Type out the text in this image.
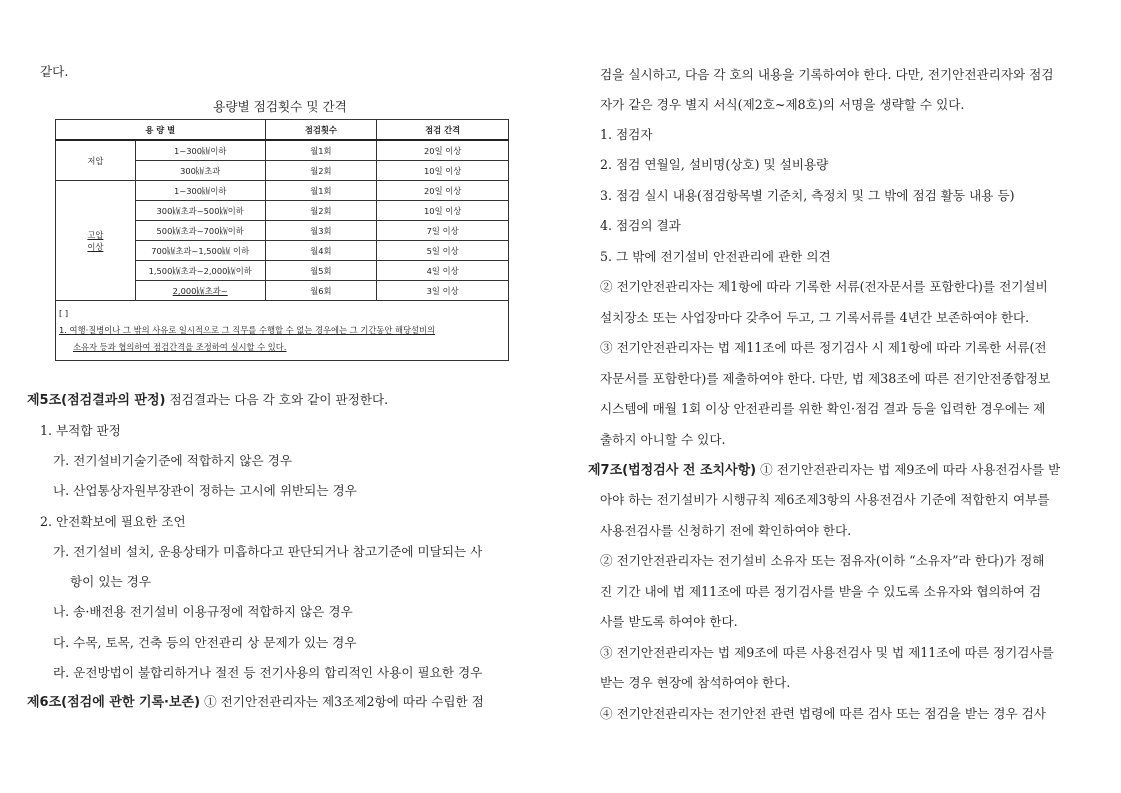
같다.
용량별 점검횟수 및 간격
용 량 별		점검횟수	점검 간격
저압	1~300㎾이하	월1회	20일 이상
	300㎾초과	월2회	10일 이상

고압
이상	1~300㎾이하	월1회	20일 이상
	300㎾초과~500㎾이하	월2회	10일 이상
	500㎾초과~700㎾이하	월3회	7일 이상
	700㎾초과~1,500㎾ 이하	월4회	5일 이상
	1,500㎾초과~2,000㎾이하	월5회	4일 이상
	2,000㎾초과~	월6회	3일 이상

[ ]
1. 여행·질병이나 그 밖의 사유로 일시적으로 그 직무를 수행할 수 없는 경우에는 그 기간동안 해당설비의
소유자 등과 협의하여 점검간격을 조정하여 실시할 수 있다.			
제5조(점검결과의 판정) 점검결과는 다음 각 호와 같이 판정한다.
1. 부적합 판정
가. 전기설비기술기준에 적합하지 않은 경우
나. 산업통상자원부장관이 정하는 고시에 위반되는 경우
2. 안전확보에 필요한 조언
가. 전기설비 설치, 운용상태가 미흡하다고 판단되거나 참고기준에 미달되는 사
항이 있는 경우
나. 송·배전용 전기설비 이용규정에 적합하지 않은 경우
다. 수목, 토목, 건축 등의 안전관리 상 문제가 있는 경우
라. 운전방법이 불합리하거나 절전 등 전기사용의 합리적인 사용이 필요한 경우
제6조(점검에 관한 기록·보존) ① 전기안전관리자는 제3조제2항에 따라 수립한 점
검을 실시하고, 다음 각 호의 내용을 기록하여야 한다. 다만, 전기안전관리자와 점검
자가 같은 경우 별지 서식(제2호~제8호)의 서명을 생략할 수 있다.
1. 점검자
2. 점검 연월일, 설비명(상호) 및 설비용량
3. 점검 실시 내용(점검항목별 기준치, 측정치 및 그 밖에 점검 활동 내용 등)
4. 점검의 결과
5. 그 밖에 전기설비 안전관리에 관한 의견
② 전기안전관리자는 제1항에 따라 기록한 서류(전자문서를 포함한다)를 전기설비
설치장소 또는 사업장마다 갖추어 두고, 그 기록서류를 4년간 보존하여야 한다.
③ 전기안전관리자는 법 제11조에 따른 정기검사 시 제1항에 따라 기록한 서류(전
자문서를 포함한다)를 제출하여야 한다. 다만, 법 제38조에 따른 전기안전종합정보
시스템에 매월 1회 이상 안전관리를 위한 확인·점검 결과 등을 입력한 경우에는 제
출하지 아니할 수 있다.
제7조(법정검사 전 조치사항) ① 전기안전관리자는 법 제9조에 따라 사용전검사를 받
아야 하는 전기설비가 시행규칙 제6조제3항의 사용전검사 기준에 적합한지 여부를
사용전검사를 신청하기 전에 확인하여야 한다.
② 전기안전관리자는 전기설비 소유자 또는 점유자(이하 “소유자”라 한다)가 정해
진 기간 내에 법 제11조에 따른 정기검사를 받을 수 있도록 소유자와 협의하여 검
사를 받도록 하여야 한다.
③ 전기안전관리자는 법 제9조에 따른 사용전검사 및 법 제11조에 따른 정기검사를
받는 경우 현장에 참석하여야 한다.
④ 전기안전관리자는 전기안전 관련 법령에 따른 검사 또는 점검을 받는 경우 검사
